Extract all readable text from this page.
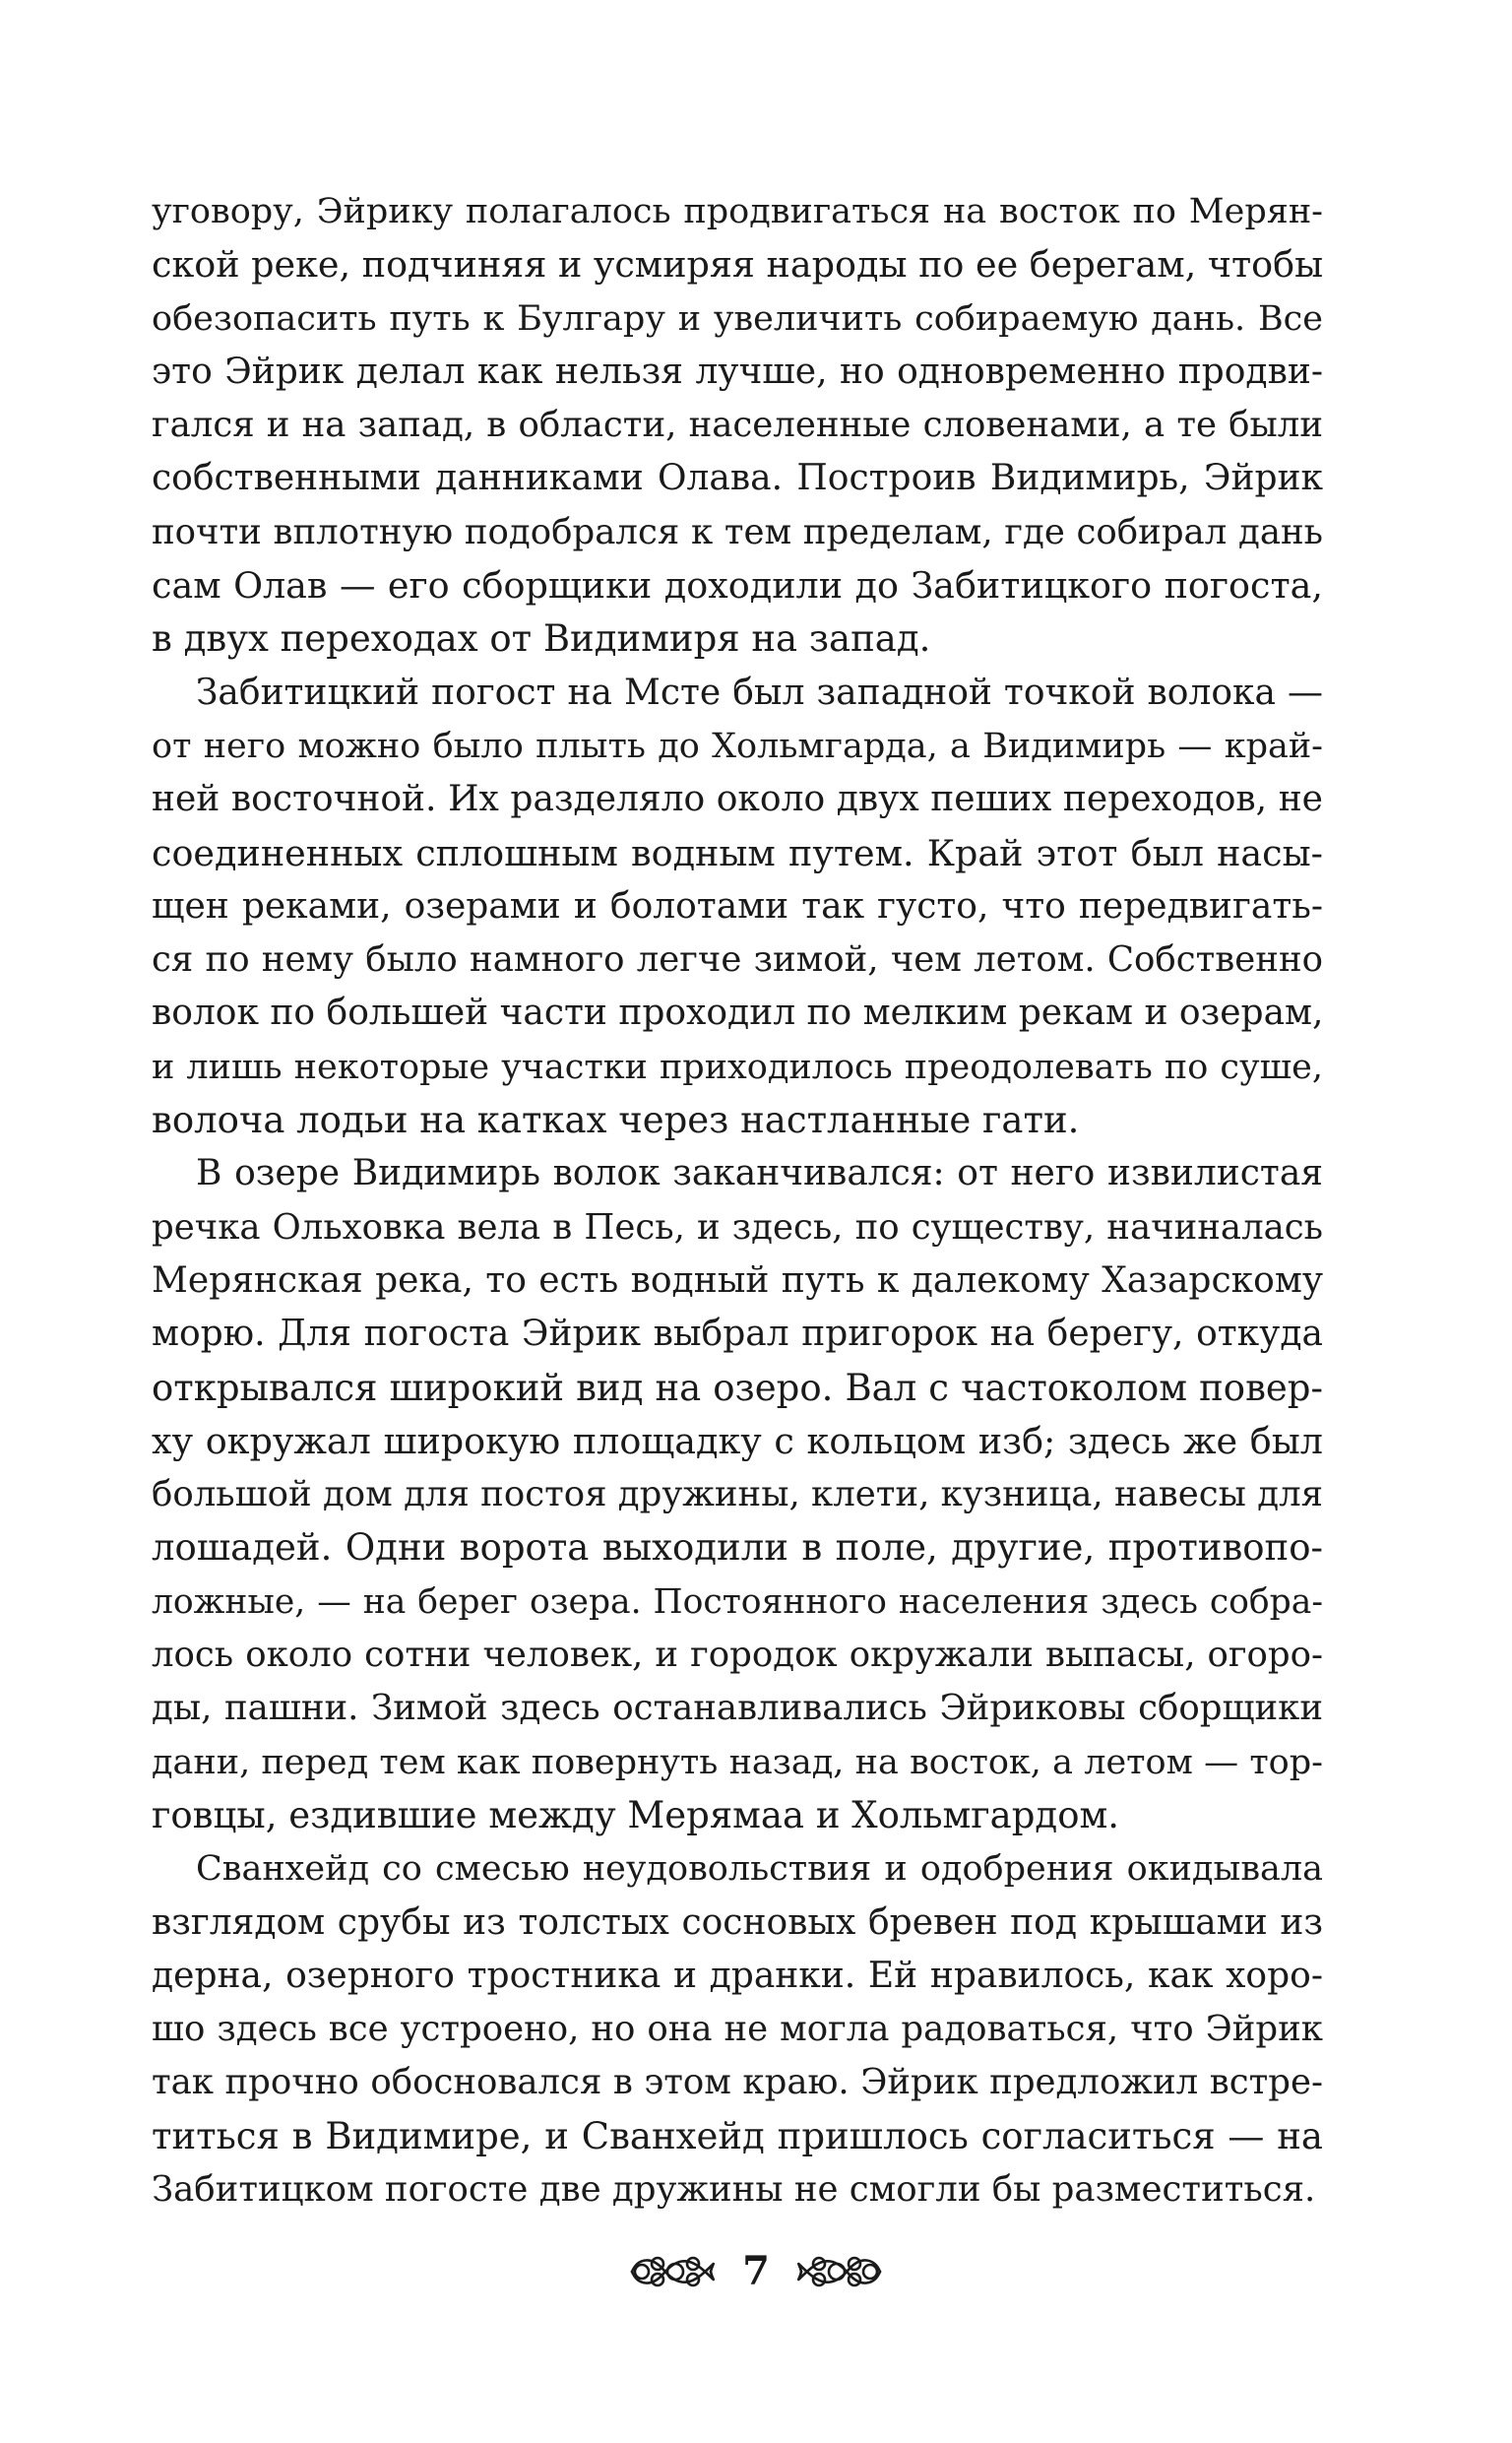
уговору, Эйрику полагалось продвигаться на восток по Мерян-
ской реке, подчиняя и усмиряя народы по ее берегам, чтобы
обезопасить путь к Булгару и увеличить собираемую дань. Все
это Эйрик делал как нельзя лучше, но одновременно продви-
гался и на запад, в области, населенные словенами, а те были
собственными данниками Олава. Построив Видимирь, Эйрик
почти вплотную подобрался к тем пределам, где собирал дань
сам Олав — его сборщики доходили до Забитицкого погоста,
в двух переходах от Видимиря на запад.
Забитицкий погост на Мсте был западной точкой волока —
от него можно было плыть до Хольмгарда, а Видимирь — край-
ней восточной. Их разделяло около двух пеших переходов, не
соединенных сплошным водным путем. Край этот был насы-
щен реками, озерами и болотами так густо, что передвигать-
ся по нему было намного легче зимой, чем летом. Собственно
волок по большей части проходил по мелким рекам и озерам,
и лишь некоторые участки приходилось преодолевать по суше,
волоча лодьи на катках через настланные гати.
В озере Видимирь волок заканчивался: от него извилистая
речка Ольховка вела в Песь, и здесь, по существу, начиналась
Мерянская река, то есть водный путь к далекому Хазарскому
морю. Для погоста Эйрик выбрал пригорок на берегу, откуда
открывался широкий вид на озеро. Вал с частоколом повер-
ху окружал широкую площадку с кольцом изб; здесь же был
большой дом для постоя дружины, клети, кузница, навесы для
лошадей. Одни ворота выходили в поле, другие, противопо-
ложные, — на берег озера. Постоянного населения здесь собра-
лось около сотни человек, и городок окружали выпасы, огоро-
ды, пашни. Зимой здесь останавливались Эйриковы сборщики
дани, перед тем как повернуть назад, на восток, а летом — тор-
говцы, ездившие между Мерямаа и Хольмгардом.
Сванхейд со смесью неудовольствия и одобрения окидывала
взглядом срубы из толстых сосновых бревен под крышами из
дерна, озерного тростника и дранки. Ей нравилось, как хоро-
шо здесь все устроено, но она не могла радоваться, что Эйрик
так прочно обосновался в этом краю. Эйрик предложил встре-
титься в Видимире, и Сванхейд пришлось согласиться — на
Забитицком погосте две дружины не смогли бы разместиться.
7
